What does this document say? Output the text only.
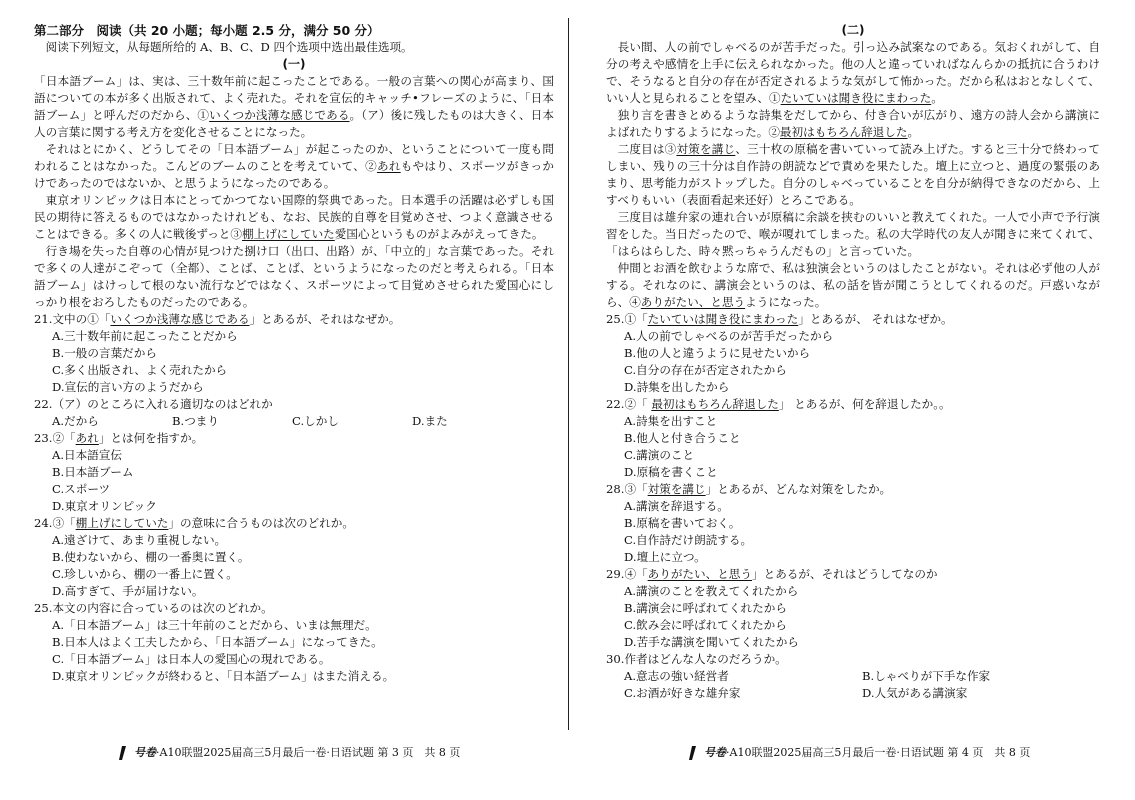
第二部分　阅读（共 20 小题；每小题 2.5 分，满分 50 分）

阅读下列短文，从每题所给的 A、B、C、D 四个选项中选出最佳选项。

(一)

「日本語ブーム」は、実は、三十数年前に起こったことである。一般の言葉への関心が高まり、国語についての本が多く出版されて、よく売れた。それを宣伝的キャッチ•フレーズのように、「日本語ブーム」と呼んだのだから、①いくつか浅薄な感じである。（ア）後に残したものは大きく、日本人の言葉に関する考え方を変化させることになった。

それはとにかく、どうしてその「日本語ブーム」が起こったのか、ということについて一度も問われることはなかった。こんどのブームのことを考えていて、②あれもやはり、スポーツがきっかけであったのではないか、と思うようになったのである。

東京オリンピックは日本にとってかつてない国際的祭典であった。日本選手の活躍は必ずしも国民の期待に答えるものではなかったけれども、なお、民族的自尊を目覚めさせ、つよく意識させることはできる。多くの人に戦後ずっと③棚上げにしていた愛国心というものがよみがえってきた。

行き場を失った自尊の心情が見つけた捌け口（出口、出路）が、「中立的」な言葉であった。それで多くの人達がこぞって（全都）、ことば、ことば、というようになったのだと考えられる。「日本語ブーム」はけっして根のない流行などではなく、スポーツによって目覚めさせられた愛国心にしっかり根をおろしたものだったのである。

21.文中の①「いくつか浅薄な感じである」とあるが、それはなぜか。
A.三十数年前に起こったことだから
B.一般の言葉だから
C.多く出版され、よく売れたから
D.宣伝的言い方のようだから
22.（ア）のところに入れる適切なのはどれか
A.だから	B.つまり	C.しかし	D.また
23.②「あれ」とは何を指すか。
A.日本語宣伝
B.日本語ブーム
C.スポーツ
D.東京オリンピック
24.③「棚上げにしていた」の意味に合うものは次のどれか。
A.遠ざけて、あまり重視しない。
B.使わないから、棚の一番奥に置く。
C.珍しいから、棚の一番上に置く。
D.高すぎて、手が届けない。
25.本文の内容に合っているのは次のどれか。
A.「日本語ブーム」は三十年前のことだから、いまは無理だ。
B.日本人はよく工夫したから、「日本語ブーム」になってきた。
C.「日本語ブーム」は日本人の愛国心の現れである。
D.東京オリンピックが終わると、「日本語ブーム」はまた消える。
(二)

長い間、人の前でしゃべるのが苦手だった。引っ込み試案なのである。気おくれがして、自分の考えや感情を上手に伝えられなかった。他の人と違っていればなんらかの抵抗に合うわけで、そうなると自分の存在が否定されるような気がして怖かった。だから私はおとなしくて、いい人と見られることを望み、①たいていは聞き役にまわった。

独り言を書きとめるような詩集をだしてから、付き合いが広がり、遠方の詩人会から講演によばれたりするようになった。②最初はもちろん辞退した。

二度目は③対策を講じ、三十枚の原稿を書いていって読み上げた。すると三十分で終わってしまい、残りの三十分は自作詩の朗読などで責めを果たした。壇上に立つと、過度の緊張のあまり、思考能力がストップした。自分のしゃべっていることを自分が納得できなのだから、上すべりもいい（表面看起来还好）とろこである。

三度目は雄弁家の連れ合いが原稿に余談を挟むのいいと教えてくれた。一人で小声で予行演習をした。当日だったので、喉が嗄れてしまった。私の大学時代の友人が聞きに来てくれて、「はらはらした、時々黙っちゃうんだもの」と言っていた。

仲間とお酒を飲むような席で、私は独演会というのはしたことがない。それは必ず他の人がする。それなのに、講演会というのは、私の話を皆が聞こうとしてくれるのだ。戸惑いながら、④ありがたい、と思うようになった。

25.①「たいていは聞き役にまわった」とあるが、 それはなぜか。
A.人の前でしゃべるのが苦手だったから
B.他の人と違うように見せたいから
C.自分の存在が否定されたから
D.詩集を出したから
22.②「 最初はもちろん辞退した」 とあるが、何を辞退したか。。
A.詩集を出すこと
B.他人と付き合うこと
C.講演のこと
D.原稿を書くこと
28.③「対策を講じ」とあるが、どんな対策をしたか。
A.講演を辞退する。
B.原稿を書いておく。
C.自作詩だけ朗読する。
D.壇上に立つ。
29.④「ありがたい、と思う」とあるが、それはどうしてなのか
A.講演のことを教えてくれたから
B.講演会に呼ばれてくれたから
C.飲み会に呼ばれてくれたから
D.苦手な講演を聞いてくれたから
30.作者はどんな人なのだろうか。
A.意志の強い経営者	B.しゃべりが下手な作家
C.お酒が好きな雄弁家	D.人気がある講演家
号卷·A10联盟2025届高三5月最后一卷·日语试题 第 3 页　共 8 页	号卷·A10联盟2025届高三5月最后一卷·日语试题 第 4 页　共 8 页
